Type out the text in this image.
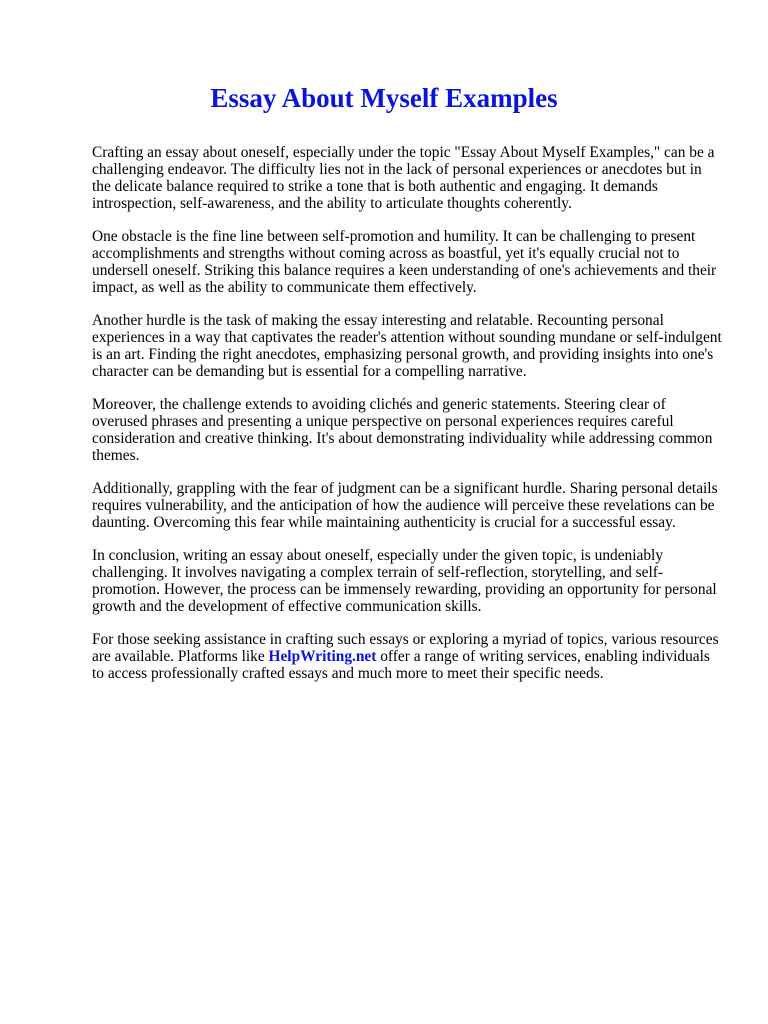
Essay About Myself Examples

Crafting an essay about oneself, especially under the topic "Essay About Myself Examples," can be a challenging endeavor. The difficulty lies not in the lack of personal experiences or anecdotes but in the delicate balance required to strike a tone that is both authentic and engaging. It demands introspection, self-awareness, and the ability to articulate thoughts coherently.

One obstacle is the fine line between self-promotion and humility. It can be challenging to present accomplishments and strengths without coming across as boastful, yet it's equally crucial not to undersell oneself. Striking this balance requires a keen understanding of one's achievements and their impact, as well as the ability to communicate them effectively.

Another hurdle is the task of making the essay interesting and relatable. Recounting personal experiences in a way that captivates the reader's attention without sounding mundane or self-indulgent is an art. Finding the right anecdotes, emphasizing personal growth, and providing insights into one's character can be demanding but is essential for a compelling narrative.

Moreover, the challenge extends to avoiding clichés and generic statements. Steering clear of overused phrases and presenting a unique perspective on personal experiences requires careful consideration and creative thinking. It's about demonstrating individuality while addressing common themes.

Additionally, grappling with the fear of judgment can be a significant hurdle. Sharing personal details requires vulnerability, and the anticipation of how the audience will perceive these revelations can be daunting. Overcoming this fear while maintaining authenticity is crucial for a successful essay.

In conclusion, writing an essay about oneself, especially under the given topic, is undeniably challenging. It involves navigating a complex terrain of self-reflection, storytelling, and self-promotion. However, the process can be immensely rewarding, providing an opportunity for personal growth and the development of effective communication skills.

For those seeking assistance in crafting such essays or exploring a myriad of topics, various resources are available. Platforms like HelpWriting.net offer a range of writing services, enabling individuals to access professionally crafted essays and much more to meet their specific needs.
